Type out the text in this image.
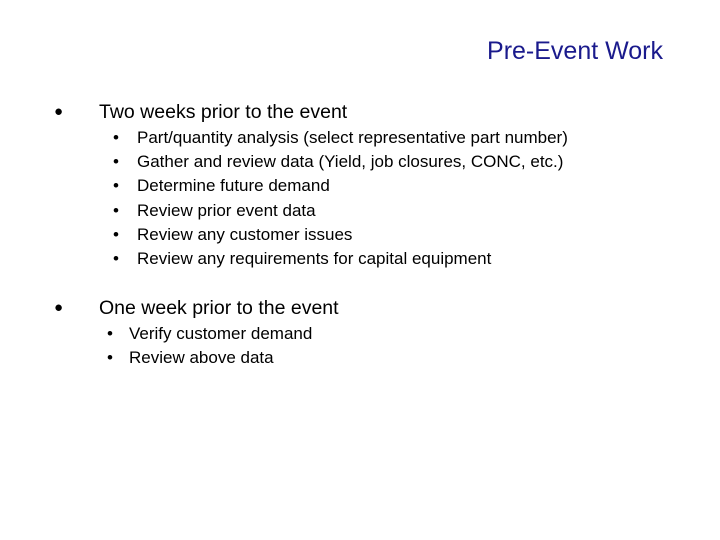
Pre-Event Work
●	Two weeks prior to the event
•	Part/quantity analysis (select representative part number)
•	Gather and review data (Yield, job closures, CONC, etc.)
•	Determine future demand
•	Review prior event data
•	Review any customer issues
•	Review any requirements for capital equipment
●	One week prior to the event
• Verify customer demand
• Review above data
